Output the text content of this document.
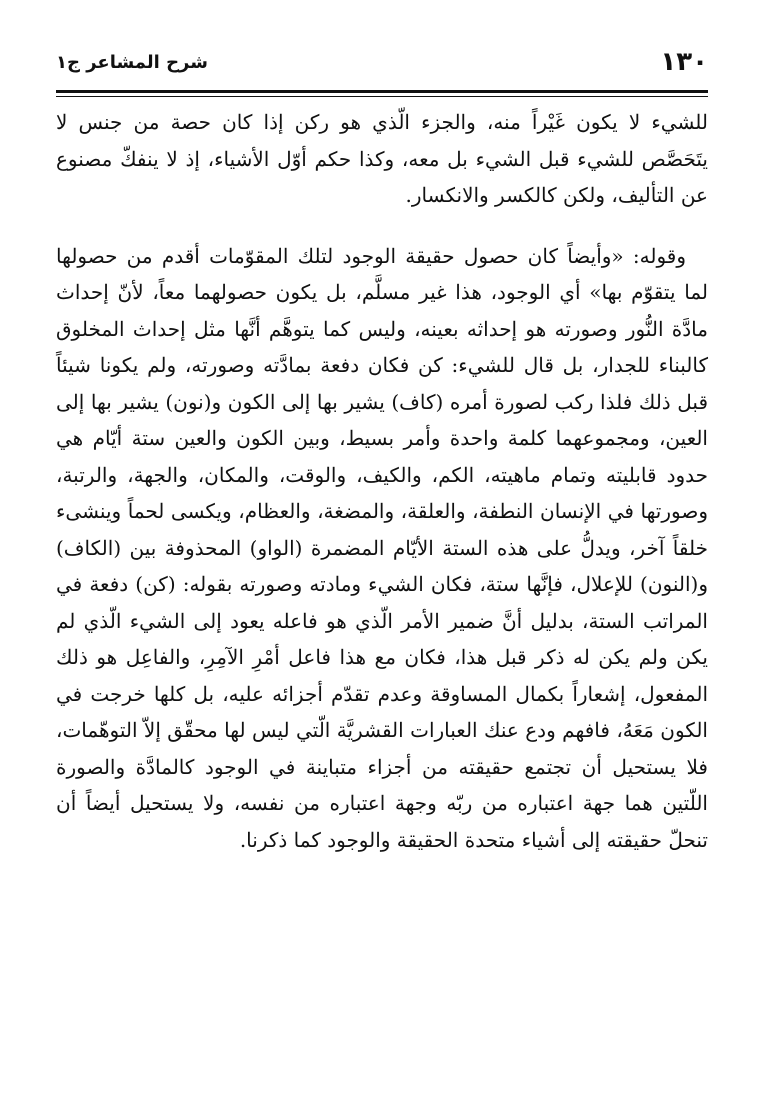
شرح المشاعر ج١	١٣٠

للشيء لا يكون غَيْراً منه، والجزء الّذي هو ركن إذا كان حصة من جنس لا يتَحَصَّص للشيء قبل الشيء بل معه، وكذا حكم أوّل الأشياء، إذ لا ينفكّ مصنوع عن التأليف، ولكن كالكسر والانكسار.

وقوله: «وأيضاً كان حصول حقيقة الوجود لتلك المقوّمات أقدم من حصولها لما يتقوّم بها» أي الوجود، هذا غير مسلَّم، بل يكون حصولهما معاً، لأنّ إحداث مادَّة النُّور وصورته هو إحداثه بعينه، وليس كما يتوهَّم أنَّها مثل إحداث المخلوق كالبناء للجدار، بل قال للشيء: كن فكان دفعة بمادَّته وصورته، ولم يكونا شيئاً قبل ذلك فلذا ركب لصورة أمره (كاف) يشير بها إلى الكون و(نون) يشير بها إلى العين، ومجموعهما كلمة واحدة وأمر بسيط، وبين الكون والعين ستة أيّام هي حدود قابليته وتمام ماهيته، الكم، والكيف، والوقت، والمكان، والجهة، والرتبة، وصورتها في الإنسان النطفة، والعلقة، والمضغة، والعظام، ويكسى لحماً وينشىء خلقاً آخر، ويدلُّ على هذه الستة الأيّام المضمرة (الواو) المحذوفة بين (الكاف) و(النون) للإعلال، فإنَّها ستة، فكان الشيء ومادته وصورته بقوله: (كن) دفعة في المراتب الستة، بدليل أنَّ ضمير الأمر الّذي هو فاعله يعود إلى الشيء الّذي لم يكن ولم يكن له ذكر قبل هذا، فكان مع هذا فاعل أمْرِ الآمِرِ، والفاعِل هو ذلك المفعول، إشعاراً بكمال المساوقة وعدم تقدّم أجزائه عليه، بل كلها خرجت في الكون مَعَهُ، فافهم ودع عنك العبارات القشريَّة الّتي ليس لها محقّق إلاّ التوهّمات، فلا يستحيل أن تجتمع حقيقته من أجزاء متباينة في الوجود كالمادَّة والصورة اللّتين هما جهة اعتباره من ربّه وجهة اعتباره من نفسه، ولا يستحيل أيضاً أن تنحلّ حقيقته إلى أشياء متحدة الحقيقة والوجود كما ذكرنا.
